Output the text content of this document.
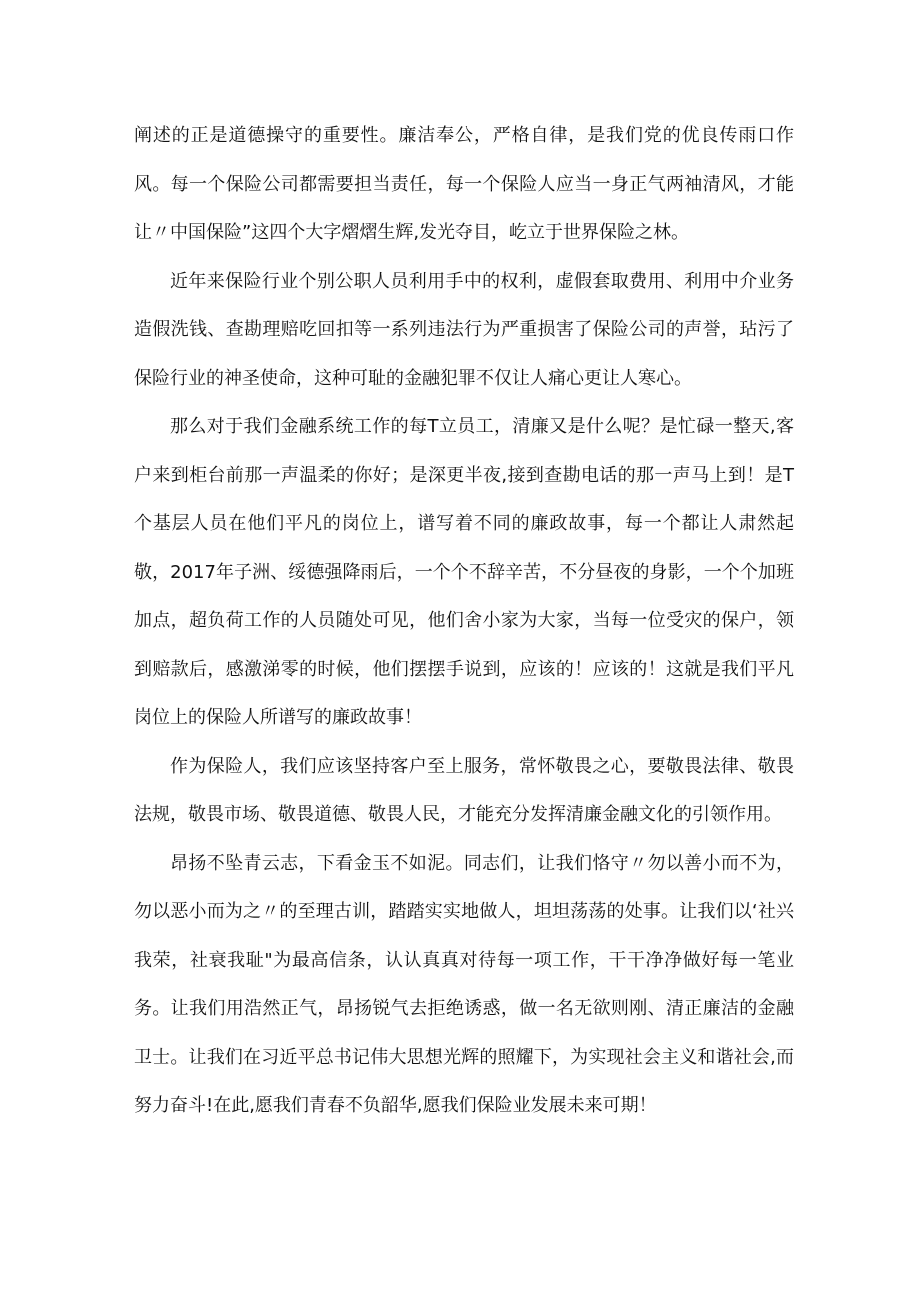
阐述的正是道德操守的重要性。廉洁奉公，严格自律，是我们党的优良传雨口作风。每一个保险公司都需要担当责任，每一个保险人应当一身正气两袖清风，才能让〃中国保险”这四个大字熠熠生辉,发光夺目，屹立于世界保险之林。

近年来保险行业个别公职人员利用手中的权利，虚假套取费用、利用中介业务造假洗钱、查勘理赔吃回扣等一系列违法行为严重损害了保险公司的声誉，玷污了保险行业的神圣使命，这种可耻的金融犯罪不仅让人痛心更让人寒心。

那么对于我们金融系统工作的每T立员工，清廉又是什么呢？是忙碌一整天,客户来到柜台前那一声温柔的你好；是深更半夜,接到查勘电话的那一声马上到！是T个基层人员在他们平凡的岗位上，谱写着不同的廉政故事，每一个都让人肃然起敬，2017年子洲、绥德强降雨后，一个个不辞辛苦，不分昼夜的身影，一个个加班加点，超负荷工作的人员随处可见，他们舍小家为大家，当每一位受灾的保户，领到赔款后，感激涕零的时候，他们摆摆手说到，应该的！应该的！这就是我们平凡岗位上的保险人所谱写的廉政故事！

作为保险人，我们应该坚持客户至上服务，常怀敬畏之心，要敬畏法律、敬畏法规，敬畏市场、敬畏道德、敬畏人民，才能充分发挥清廉金融文化的引领作用。

昂扬不坠青云志，下看金玉不如泥。同志们，让我们恪守〃勿以善小而不为，勿以恶小而为之〃的至理古训，踏踏实实地做人，坦坦荡荡的处事。让我们以‘社兴我荣，社衰我耻"为最高信条，认认真真对待每一项工作，干干净净做好每一笔业务。让我们用浩然正气，昂扬锐气去拒绝诱惑，做一名无欲则刚、清正廉洁的金融卫士。让我们在习近平总书记伟大思想光辉的照耀下，为实现社会主义和谐社会,而努力奋斗!在此,愿我们青春不负韶华,愿我们保险业发展未来可期！
